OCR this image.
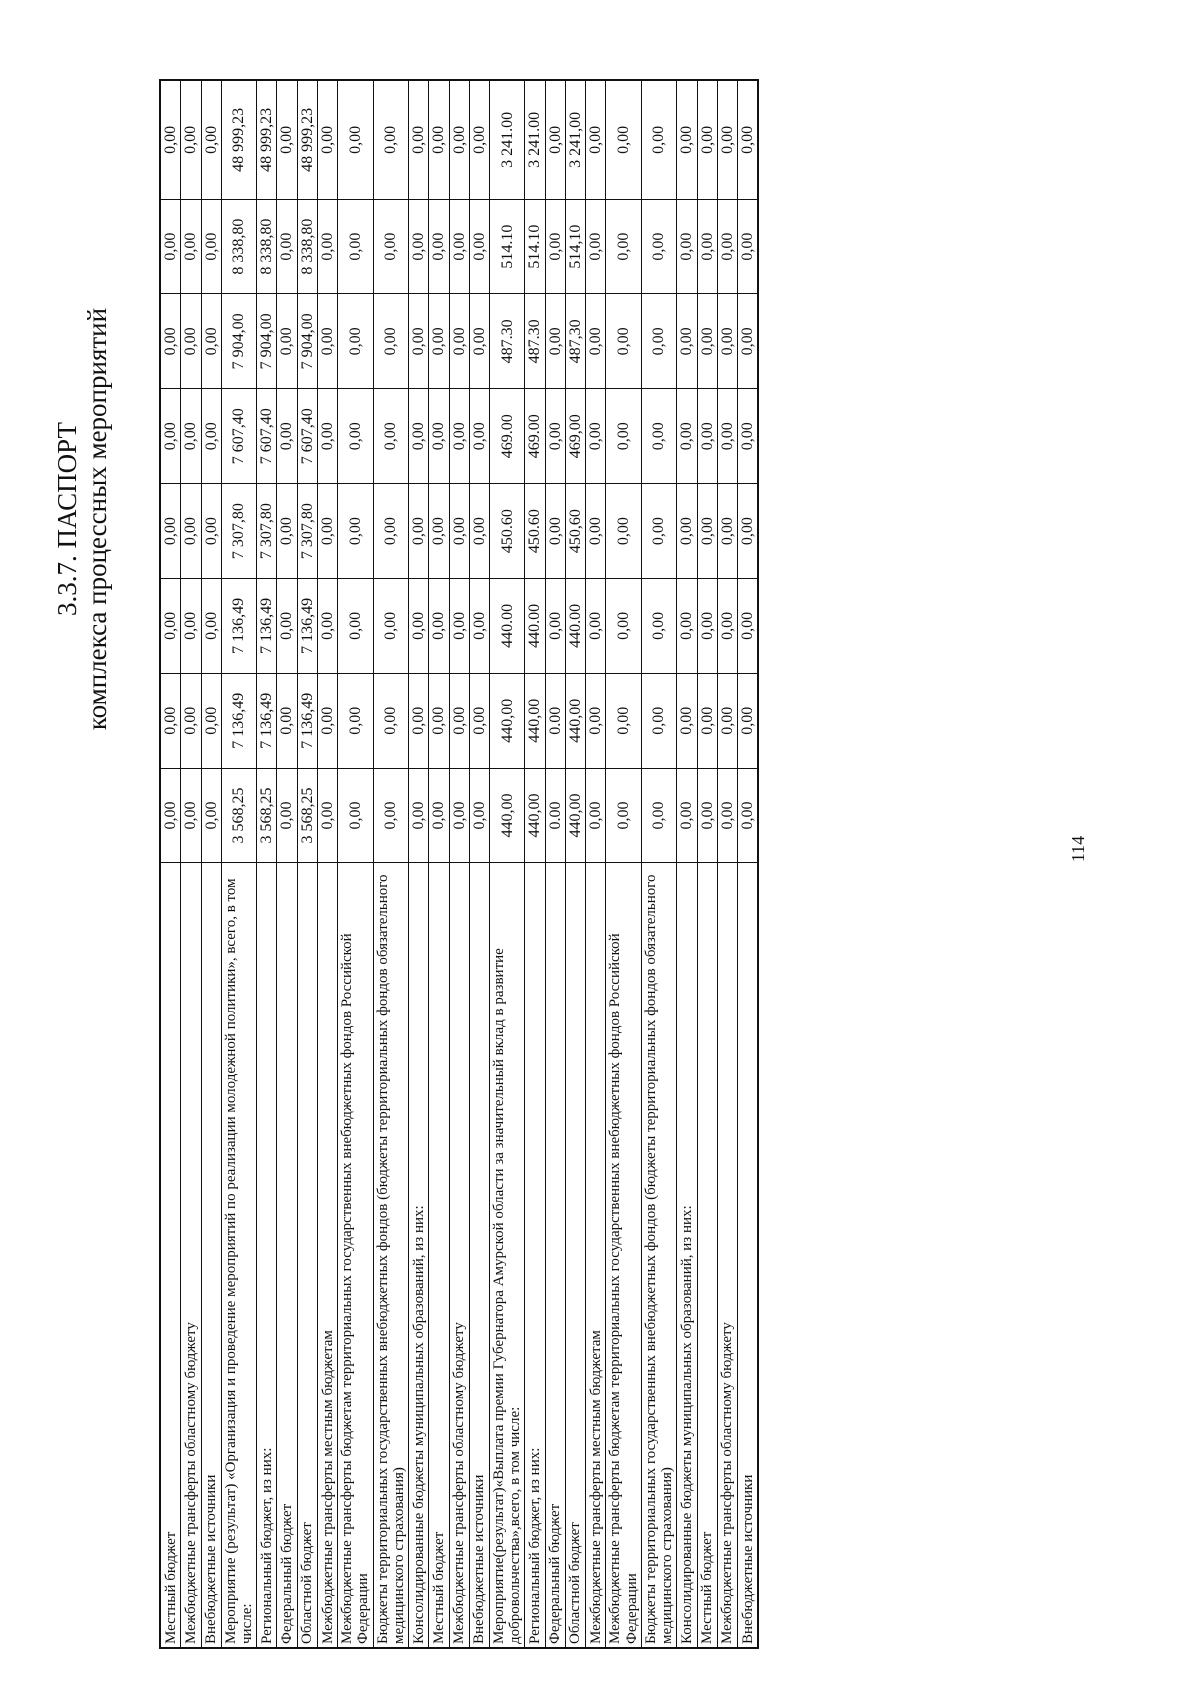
114
Местный бюджет	0,00	0,00	0,00	0,00	0,00	0,00	0,00	0,00
Межбюджетные трансферты областному бюджету	0,00	0,00	0,00	0,00	0,00	0,00	0,00	0,00
Внебюджетные источники	0,00	0,00	0,00	0,00	0,00	0,00	0,00	0,00
Мероприятие (результат) «Организация и проведение мероприятий по реализации молодежной политики», всего, в том числе:	3 568,25	7 136,49	7 136,49	7 307,80	7 607,40	7 904,00	8 338,80	48 999,23
Региональный бюджет, из них:	3 568,25	7 136,49	7 136,49	7 307,80	7 607,40	7 904,00	8 338,80	48 999,23
Федеральный бюджет	0,00	0,00	0,00	0,00	0,00	0,00	0,00	0,00
Областной бюджет	3 568,25	7 136,49	7 136,49	7 307,80	7 607,40	7 904,00	8 338,80	48 999,23
Межбюджетные трансферты местным бюджетам	0,00	0,00	0,00	0,00	0,00	0,00	0,00	0,00
Межбюджетные трансферты бюджетам территориальных государственных внебюджетных фондов Российской Федерации	0,00	0,00	0,00	0,00	0,00	0,00	0,00	0,00
Бюджеты территориальных государственных внебюджетных фондов (бюджеты территориальных фондов обязательного медицинского страхования)	0,00	0,00	0,00	0,00	0,00	0,00	0,00	0,00
Консолидированные бюджеты муниципальных образований, из них:	0,00	0,00	0,00	0,00	0,00	0,00	0,00	0,00
Местный бюджет	0,00	0,00	0,00	0,00	0,00	0,00	0,00	0,00
Межбюджетные трансферты областному бюджету	0,00	0,00	0,00	0,00	0,00	0,00	0,00	0,00
Внебюджетные источники	0,00	0,00	0,00	0,00	0,00	0,00	0,00	0,00
Мероприятие(результат)«Выплата премии Губернатора Амурской области за значительный вклад в развитие добровольчества»,всего, в том числе:	440,00	440,00	440.00	450.60	469.00	487.30	514.10	3 241.00
Региональный бюджет, из них:	440,00	440,00	440.00	450.60	469.00	487.30	514.10	3 241.00
Федеральный бюджет	0.00	0.00	0,00	0,00	0,00	0,00	0,00	0,00
Областной бюджет	440,00	440,00	440.00	450,60	469,00	487,30	514,10	3 241,00
Межбюджетные трансферты местным бюджетам	0,00	0,00	0,00	0,00	0,00	0,00	0,00	0,00
Межбюджетные трансферты бюджетам территориальных государственных внебюджетных фондов Российской Федерации	0,00	0,00	0,00	0,00	0,00	0,00	0,00	0,00
Бюджеты территориальных государственных внебюджетных фондов (бюджеты территориальных фондов обязательного медицинского страхования)	0,00	0,00	0,00	0,00	0,00	0,00	0,00	0,00
Консолидированные бюджеты муниципальных образований, из них:	0,00	0,00	0,00	0,00	0,00	0,00	0,00	0,00
Местный бюджет	0,00	0,00	0,00	0,00	0,00	0,00	0,00	0,00
Межбюджетные трансферты областному бюджету	0,00	0,00	0,00	0,00	0,00	0,00	0,00	0,00
Внебюджетные источники	0,00	0,00	0,00	0,00	0,00	0,00	0,00	0,00
3.3.7. ПАСПОРТ комплекса процессных мероприятий
